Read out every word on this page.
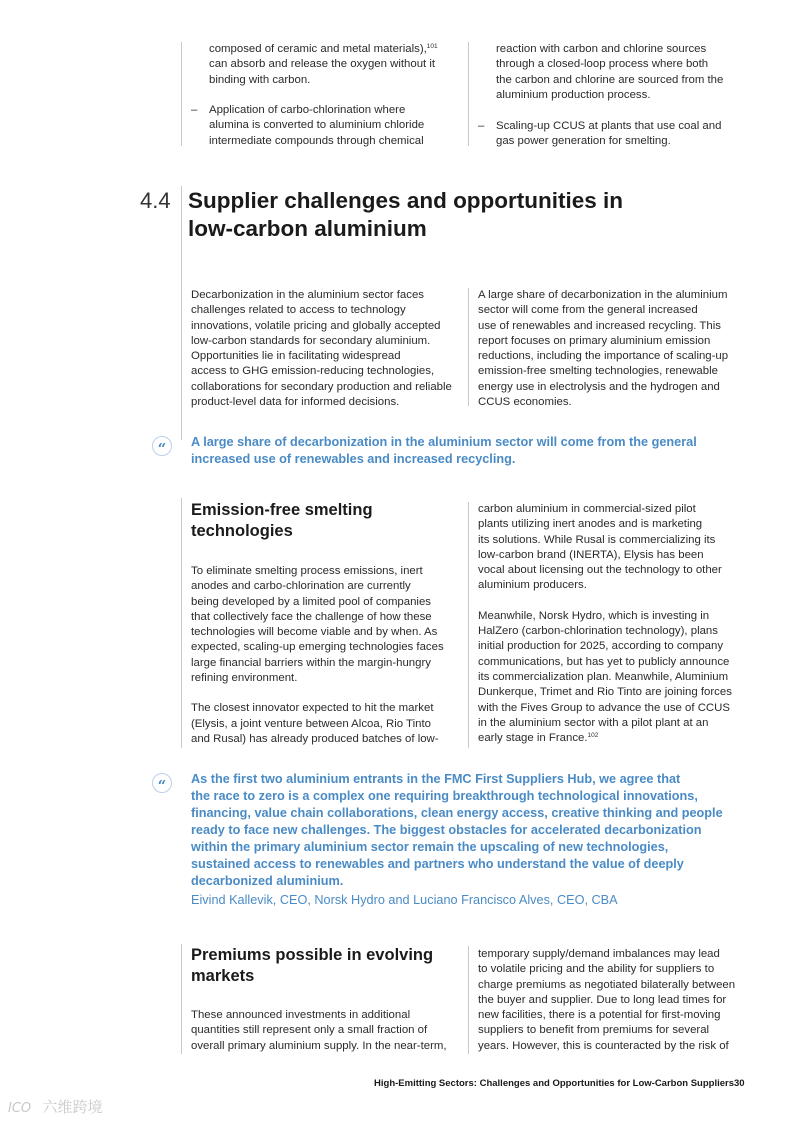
composed of ceramic and metal materials),$^{101}$
can absorb and release the oxygen without it
binding with carbon.

– Application of carbo-chlorination where
alumina is converted to aluminium chloride
intermediate compounds through chemical

reaction with carbon and chlorine sources
through a closed-loop process where both
the carbon and chlorine are sourced from the
aluminium production process.

– Scaling-up CCUS at plants that use coal and
gas power generation for smelting.
4.4 Supplier challenges and opportunities in
low-carbon aluminium

Decarbonization in the aluminium sector faces
challenges related to access to technology
innovations, volatile pricing and globally accepted
low-carbon standards for secondary aluminium.
Opportunities lie in facilitating widespread
access to GHG emission-reducing technologies,
collaborations for secondary production and reliable
product-level data for informed decisions.

A large share of decarbonization in the aluminium
sector will come from the general increased
use of renewables and increased recycling. This
report focuses on primary aluminium emission
reductions, including the importance of scaling-up
emission-free smelting technologies, renewable
energy use in electrolysis and the hydrogen and
CCUS economies.

“	A large share of decarbonization in the aluminium sector will come from the general
increased use of renewables and increased recycling.
Emission-free smelting
technologies

To eliminate smelting process emissions, inert
anodes and carbo-chlorination are currently
being developed by a limited pool of companies
that collectively face the challenge of how these
technologies will become viable and by when. As
expected, scaling-up emerging technologies faces
large financial barriers within the margin-hungry
refining environment.

The closest innovator expected to hit the market
(Elysis, a joint venture between Alcoa, Rio Tinto
and Rusal) has already produced batches of low-

carbon aluminium in commercial-sized pilot
plants utilizing inert anodes and is marketing
its solutions. While Rusal is commercializing its
low-carbon brand (INERTA), Elysis has been
vocal about licensing out the technology to other
aluminium producers.

Meanwhile, Norsk Hydro, which is investing in
HalZero (carbon-chlorination technology), plans
initial production for 2025, according to company
communications, but has yet to publicly announce
its commercialization plan. Meanwhile, Aluminium
Dunkerque, Trimet and Rio Tinto are joining forces
with the Fives Group to advance the use of CCUS
in the aluminium sector with a pilot plant at an
early stage in France.$^{102}$

“	As the first two aluminium entrants in the FMC First Suppliers Hub, we agree that
the race to zero is a complex one requiring breakthrough technological innovations,
financing, value chain collaborations, clean energy access, creative thinking and people
ready to face new challenges. The biggest obstacles for accelerated decarbonization
within the primary aluminium sector remain the upscaling of new technologies,
sustained access to renewables and partners who understand the value of deeply
decarbonized aluminium.
Eivind Kallevik, CEO, Norsk Hydro and Luciano Francisco Alves, CEO, CBA
Premiums possible in evolving
markets

These announced investments in additional
quantities still represent only a small fraction of
overall primary aluminium supply. In the near-term,

temporary supply/demand imbalances may lead
to volatile pricing and the ability for suppliers to
charge premiums as negotiated bilaterally between
the buyer and supplier. Due to long lead times for
new facilities, there is a potential for first-moving
suppliers to benefit from premiums for several
years. However, this is counteracted by the risk of

High-Emitting Sectors: Challenges and Opportunities for Low-Carbon Suppliers 30
ICO 六维跨境
